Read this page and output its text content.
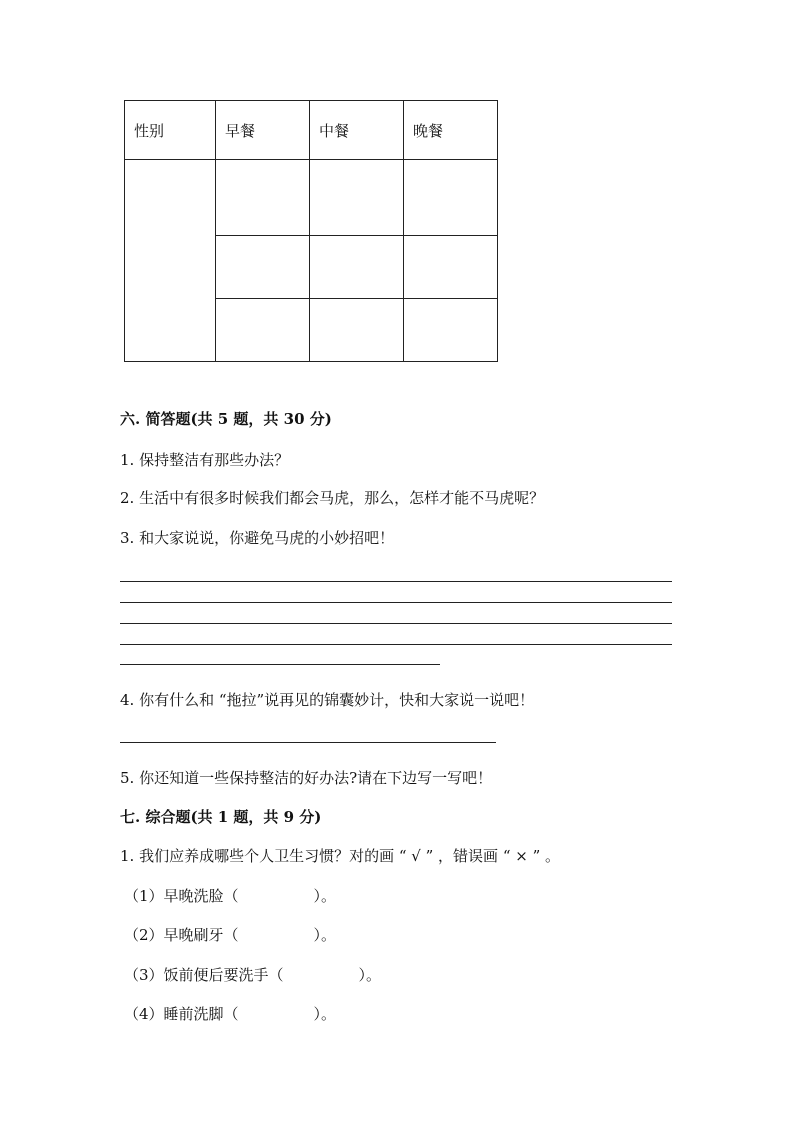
性别	早餐	中餐	晚餐

六. 简答题(共 5 题，共 30 分)
1. 保持整洁有那些办法？
2. 生活中有很多时候我们都会马虎，那么，怎样才能不马虎呢？
3. 和大家说说，你避免马虎的小妙招吧！
4. 你有什么和 “拖拉”说再见的锦囊妙计，快和大家说一说吧！
5. 你还知道一些保持整洁的好办法?请在下边写一写吧！
七. 综合题(共 1 题，共 9 分)
1. 我们应养成哪些个人卫生习惯？对的画 “ √ ” ，错误画 “ × ” 。
（1）早晚洗脸（　　　　　）。
（2）早晚刷牙（　　　　　）。
（3）饭前便后要洗手（　　　　　）。
（4）睡前洗脚（　　　　　）。
